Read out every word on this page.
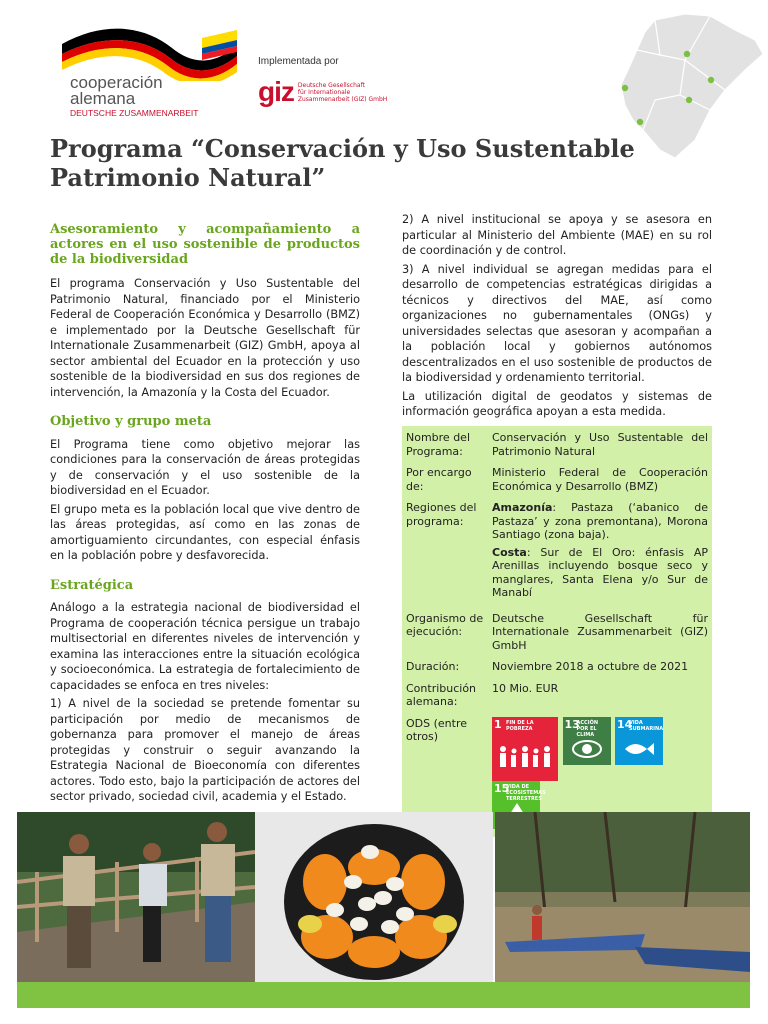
cooperación
alemana
DEUTSCHE ZUSAMMENARBEIT
Implementada por
giz Deutsche Gesellschaft
für Internationale
Zusammenarbeit (GIZ) GmbH
Programa “Conservación y Uso Sustentable
Patrimonio Natural”
Asesoramiento y acompañamiento a actores en el uso sostenible de productos de la biodiversidad

El programa Conservación y Uso Sustentable del Patrimonio Natural, financiado por el Ministerio Federal de Cooperación Económica y Desarrollo (BMZ) e implementado por la Deutsche Gesellschaft für Internationale Zusammenarbeit (GIZ) GmbH, apoya al sector ambiental del Ecuador en la protección y uso sostenible de la biodiversidad en sus dos regiones de intervención, la Amazonía y la Costa del Ecuador.

Objetivo y grupo meta

El Programa tiene como objetivo mejorar las condiciones para la conservación de áreas protegidas y de conservación y el uso sostenible de la biodiversidad en el Ecuador.

El grupo meta es la población local que vive dentro de las áreas protegidas, así como en las zonas de amortiguamiento circundantes, con especial énfasis en la población pobre y desfavorecida.

Estratégica

Análogo a la estrategia nacional de biodiversidad el Programa de cooperación técnica persigue un trabajo multisectorial en diferentes niveles de intervención y examina las interacciones entre la situación ecológica y socioeconómica. La estrategia de fortalecimiento de capacidades se enfoca en tres niveles:

1) A nivel de la sociedad se pretende fomentar su participación por medio de mecanismos de gobernanza para promover el manejo de áreas protegidas y construir o seguir avanzando la Estrategia Nacional de Bioeconomía con diferentes actores. Todo esto, bajo la participación de actores del sector privado, sociedad civil, academia y el Estado.

2) A nivel institucional se apoya y se asesora en particular al Ministerio del Ambiente (MAE) en su rol de coordinación y de control.

3) A nivel individual se agregan medidas para el desarrollo de competencias estratégicas dirigidas a técnicos y directivos del MAE, así como organizaciones no gubernamentales (ONGs) y universidades selectas que asesoran y acompañan a la población local y gobiernos autónomos descentralizados en el uso sostenible de productos de la biodiversidad y ordenamiento territorial.

La utilización digital de geodatos y sistemas de información geográfica apoyan a esta medida.

Nombre del Programa:
Conservación y Uso Sustentable del Patrimonio Natural
Por encargo de:
Ministerio Federal de Cooperación Económica y Desarrollo (BMZ)
Regiones del programa:

Amazonía: Pastaza (‘abanico de Pastaza’ y zona premontana), Morona Santiago (zona baja).

Costa: Sur de El Oro: énfasis AP Arenillas incluyendo bosque seco y manglares, Santa Elena y/o Sur de Manabí

Organismo de ejecución:
Deutsche Gesellschaft für Internationale Zusammenarbeit (GIZ) GmbH
Duración:	Noviembre 2018 a octubre de 2021
Contribución alemana:
10 Mio. EUR
ODS (entre otros)
1 FIN DE LA POBREZA
	13
ACCIÓN POR EL CLIMA

14
VIDA SUBMARINA

15
VIDA DE ECOSISTEMAS TERRESTRES
